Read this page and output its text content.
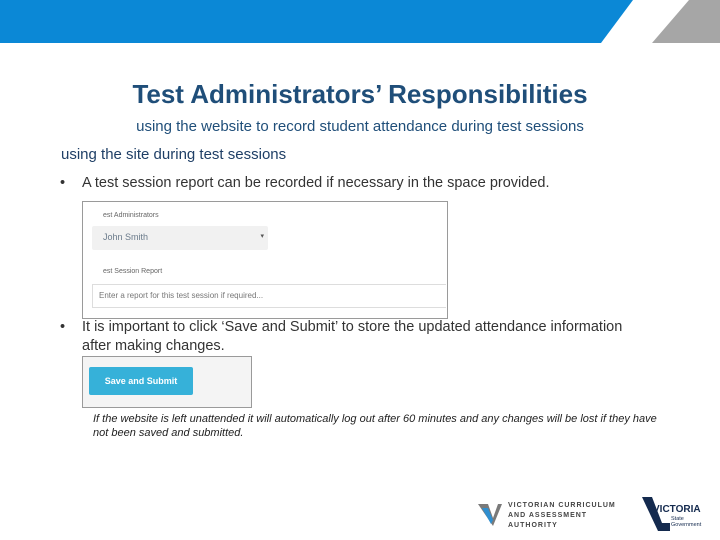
Test Administrators’ Responsibilities
using the website to record student attendance during test sessions
using the site during test sessions
• A test session report can be recorded if necessary in the space provided.
est Administrators
John Smith	▾
est Session Report
Enter a report for this test session if required...
• It is important to click ‘Save and Submit’ to store the updated attendance information after making changes.
Save and Submit
If the website is left unattended it will automatically log out after 60 minutes and any changes will be lost if they have not been saved and submitted.
VICTORIAN CURRICULUM
AND ASSESSMENT AUTHORITY
VICTORIA
State
Government
